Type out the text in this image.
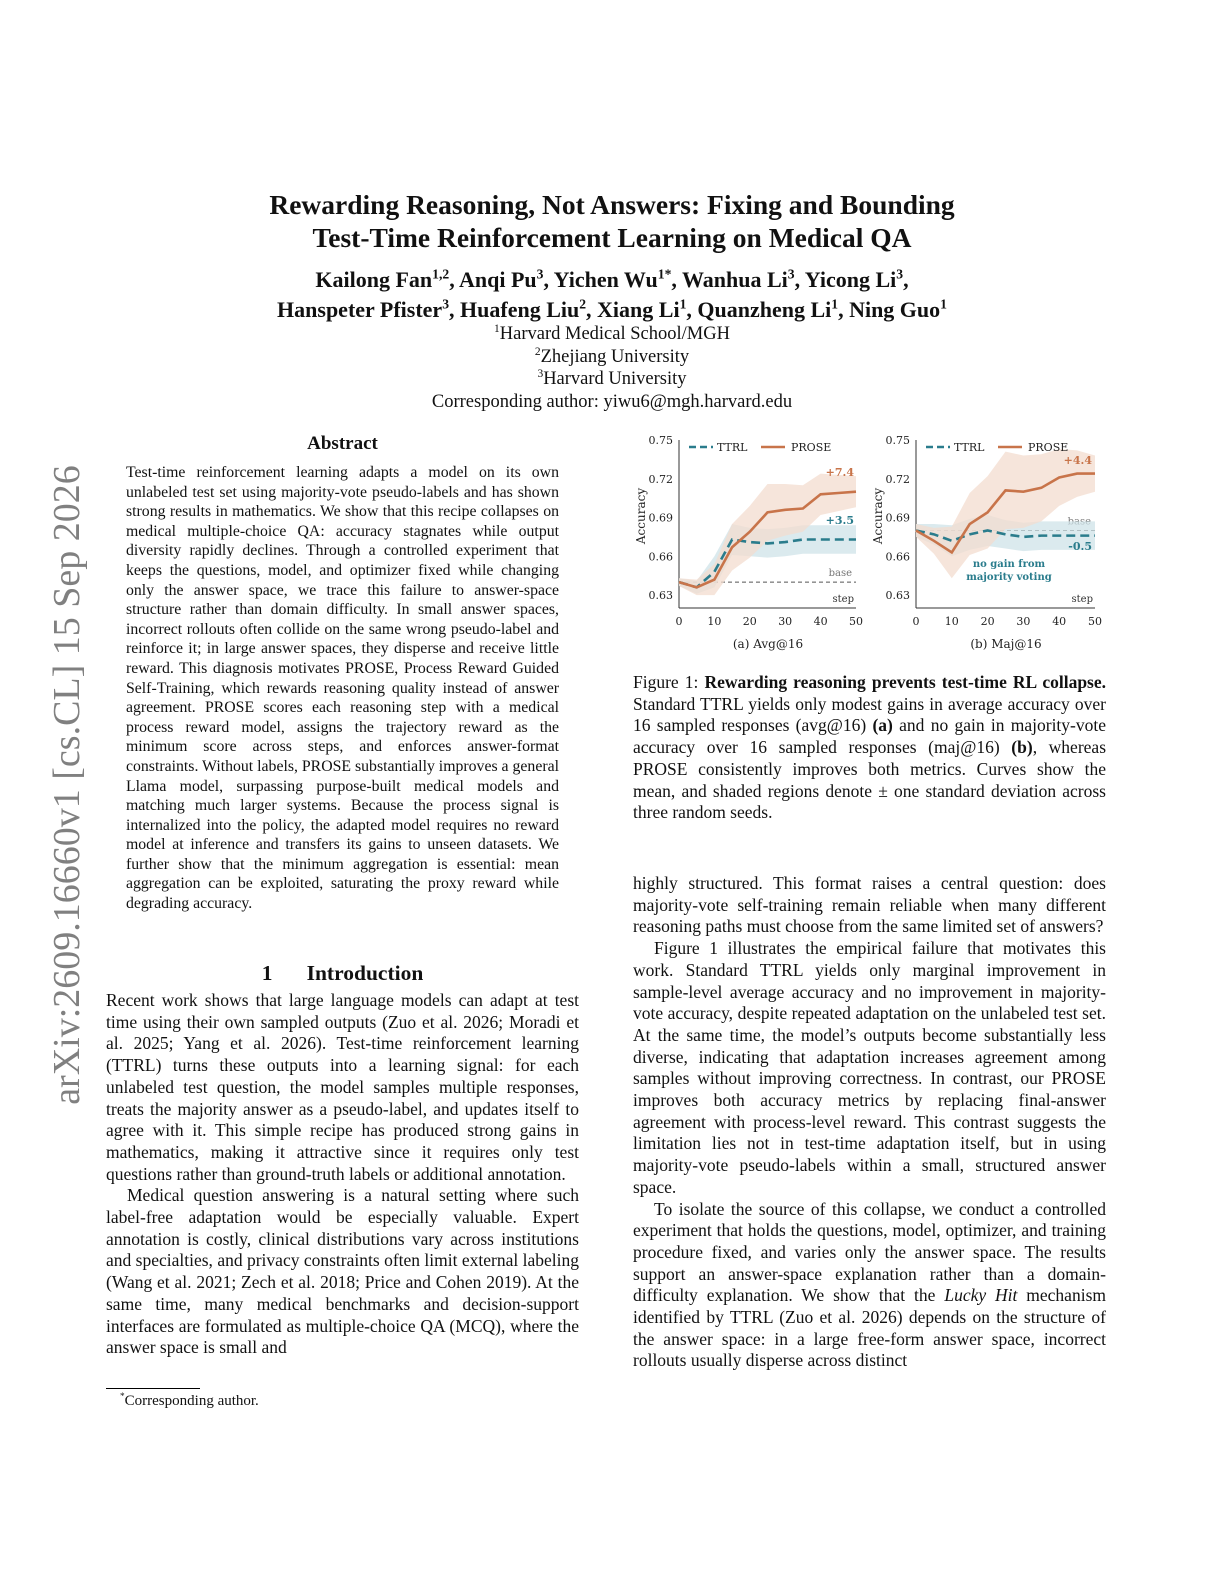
arXiv:2609.16660v1 [cs.CL] 15 Sep 2026
Rewarding Reasoning, Not Answers: Fixing and Bounding
Test-Time Reinforcement Learning on Medical QA
Kailong Fan$^{1,2}$, Anqi Pu$^3$, Yichen $Wu^{1*}$, Wanhua Li$^3$, Yicong Li$^3$,
Hanspeter Pfister$^3$, Huafeng Liu$^2$, Xiang Li$^1$, Quanzheng Li$^1$, Ning Guo$^1$
$^1$Harvard Medical School/MGH
$^2$Zhejiang University
$^3$Harvard University
Corresponding author: yiwu6@mgh.harvard.edu
Abstract
Test-time reinforcement learning adapts a model on its own unlabeled test set using majority-vote pseudo-labels and has shown strong results in mathematics. We show that this recipe collapses on medical multiple-choice QA: accuracy stagnates while output diversity rapidly declines. Through a controlled experiment that keeps the questions, model, and optimizer fixed while changing only the answer space, we trace this failure to answer-space structure rather than domain difficulty. In small answer spaces, incorrect rollouts often collide on the same wrong pseudo-label and reinforce it; in large answer spaces, they disperse and receive little reward. This diagnosis motivates PROSE, Process Reward Guided Self-Training, which rewards reasoning quality instead of answer agreement. PROSE scores each reasoning step with a medical process reward model, assigns the trajectory reward as the minimum score across steps, and enforces answer-format constraints. Without labels, PROSE substantially improves a general Llama model, surpassing purpose-built medical models and matching much larger systems. Because the process signal is internalized into the policy, the adapted model requires no reward model at inference and transfers its gains to unseen datasets. We further show that the minimum aggregation is essential: mean aggregation can be exploited, saturating the proxy reward while degrading accuracy.
1 Introduction

Recent work shows that large language models can adapt at test time using their own sampled outputs (Zuo et al. 2026; Moradi et al. 2025; Yang et al. 2026). Test-time reinforcement learning (TTRL) turns these outputs into a learning signal: for each unlabeled test question, the model samples multiple responses, treats the majority answer as a pseudo-label, and updates itself to agree with it. This simple recipe has produced strong gains in mathematics, making it attractive since it requires only test questions rather than ground-truth labels or additional annotation.

Medical question answering is a natural setting where such label-free adaptation would be especially valuable. Expert annotation is costly, clinical distributions vary across institutions and specialties, and privacy constraints often limit external labeling (Wang et al. 2021; Zech et al. 2018; Price and Cohen 2019). At the same time, many medical benchmarks and decision-support interfaces are formulated as multiple-choice QA (MCQ), where the answer space is small and

*Corresponding author.
0.63
0.66
0.69
0.72
0.75
0 10 20 30 40 50
step
Accuracy
base
+3.5
+7.4
TTRL	PROSE
(a) Avg@16
0.63
0.66
0.69
0.72
0.75
0 10 20 30 40 50
step
Accuracy
-0.5
+4.4
TTRL	PROSE
no gain from
majority voting
(b) Maj@16
Figure 1: Rewarding reasoning prevents test-time RL collapse. Standard TTRL yields only modest gains in average accuracy over 16 sampled responses (avg@16) (a) and no gain in majority-vote accuracy over 16 sampled responses (maj@16) (b), whereas PROSE consistently improves both metrics. Curves show the mean, and shaded regions denote ± one standard deviation across three random seeds.

highly structured. This format raises a central question: does majority-vote self-training remain reliable when many different reasoning paths must choose from the same limited set of answers?

Figure 1 illustrates the empirical failure that motivates this work. Standard TTRL yields only marginal improvement in sample-level average accuracy and no improvement in majority-vote accuracy, despite repeated adaptation on the unlabeled test set. At the same time, the model’s outputs become substantially less diverse, indicating that adaptation increases agreement among samples without improving correctness. In contrast, our PROSE improves both accuracy metrics by replacing final-answer agreement with process-level reward. This contrast suggests the limitation lies not in test-time adaptation itself, but in using majority-vote pseudo-labels within a small, structured answer space.

To isolate the source of this collapse, we conduct a controlled experiment that holds the questions, model, optimizer, and training procedure fixed, and varies only the answer space. The results support an answer-space explanation rather than a domain-difficulty explanation. We show that the Lucky Hit mechanism identified by TTRL (Zuo et al. 2026) depends on the structure of the answer space: in a large free-form answer space, incorrect rollouts usually disperse across distinct
